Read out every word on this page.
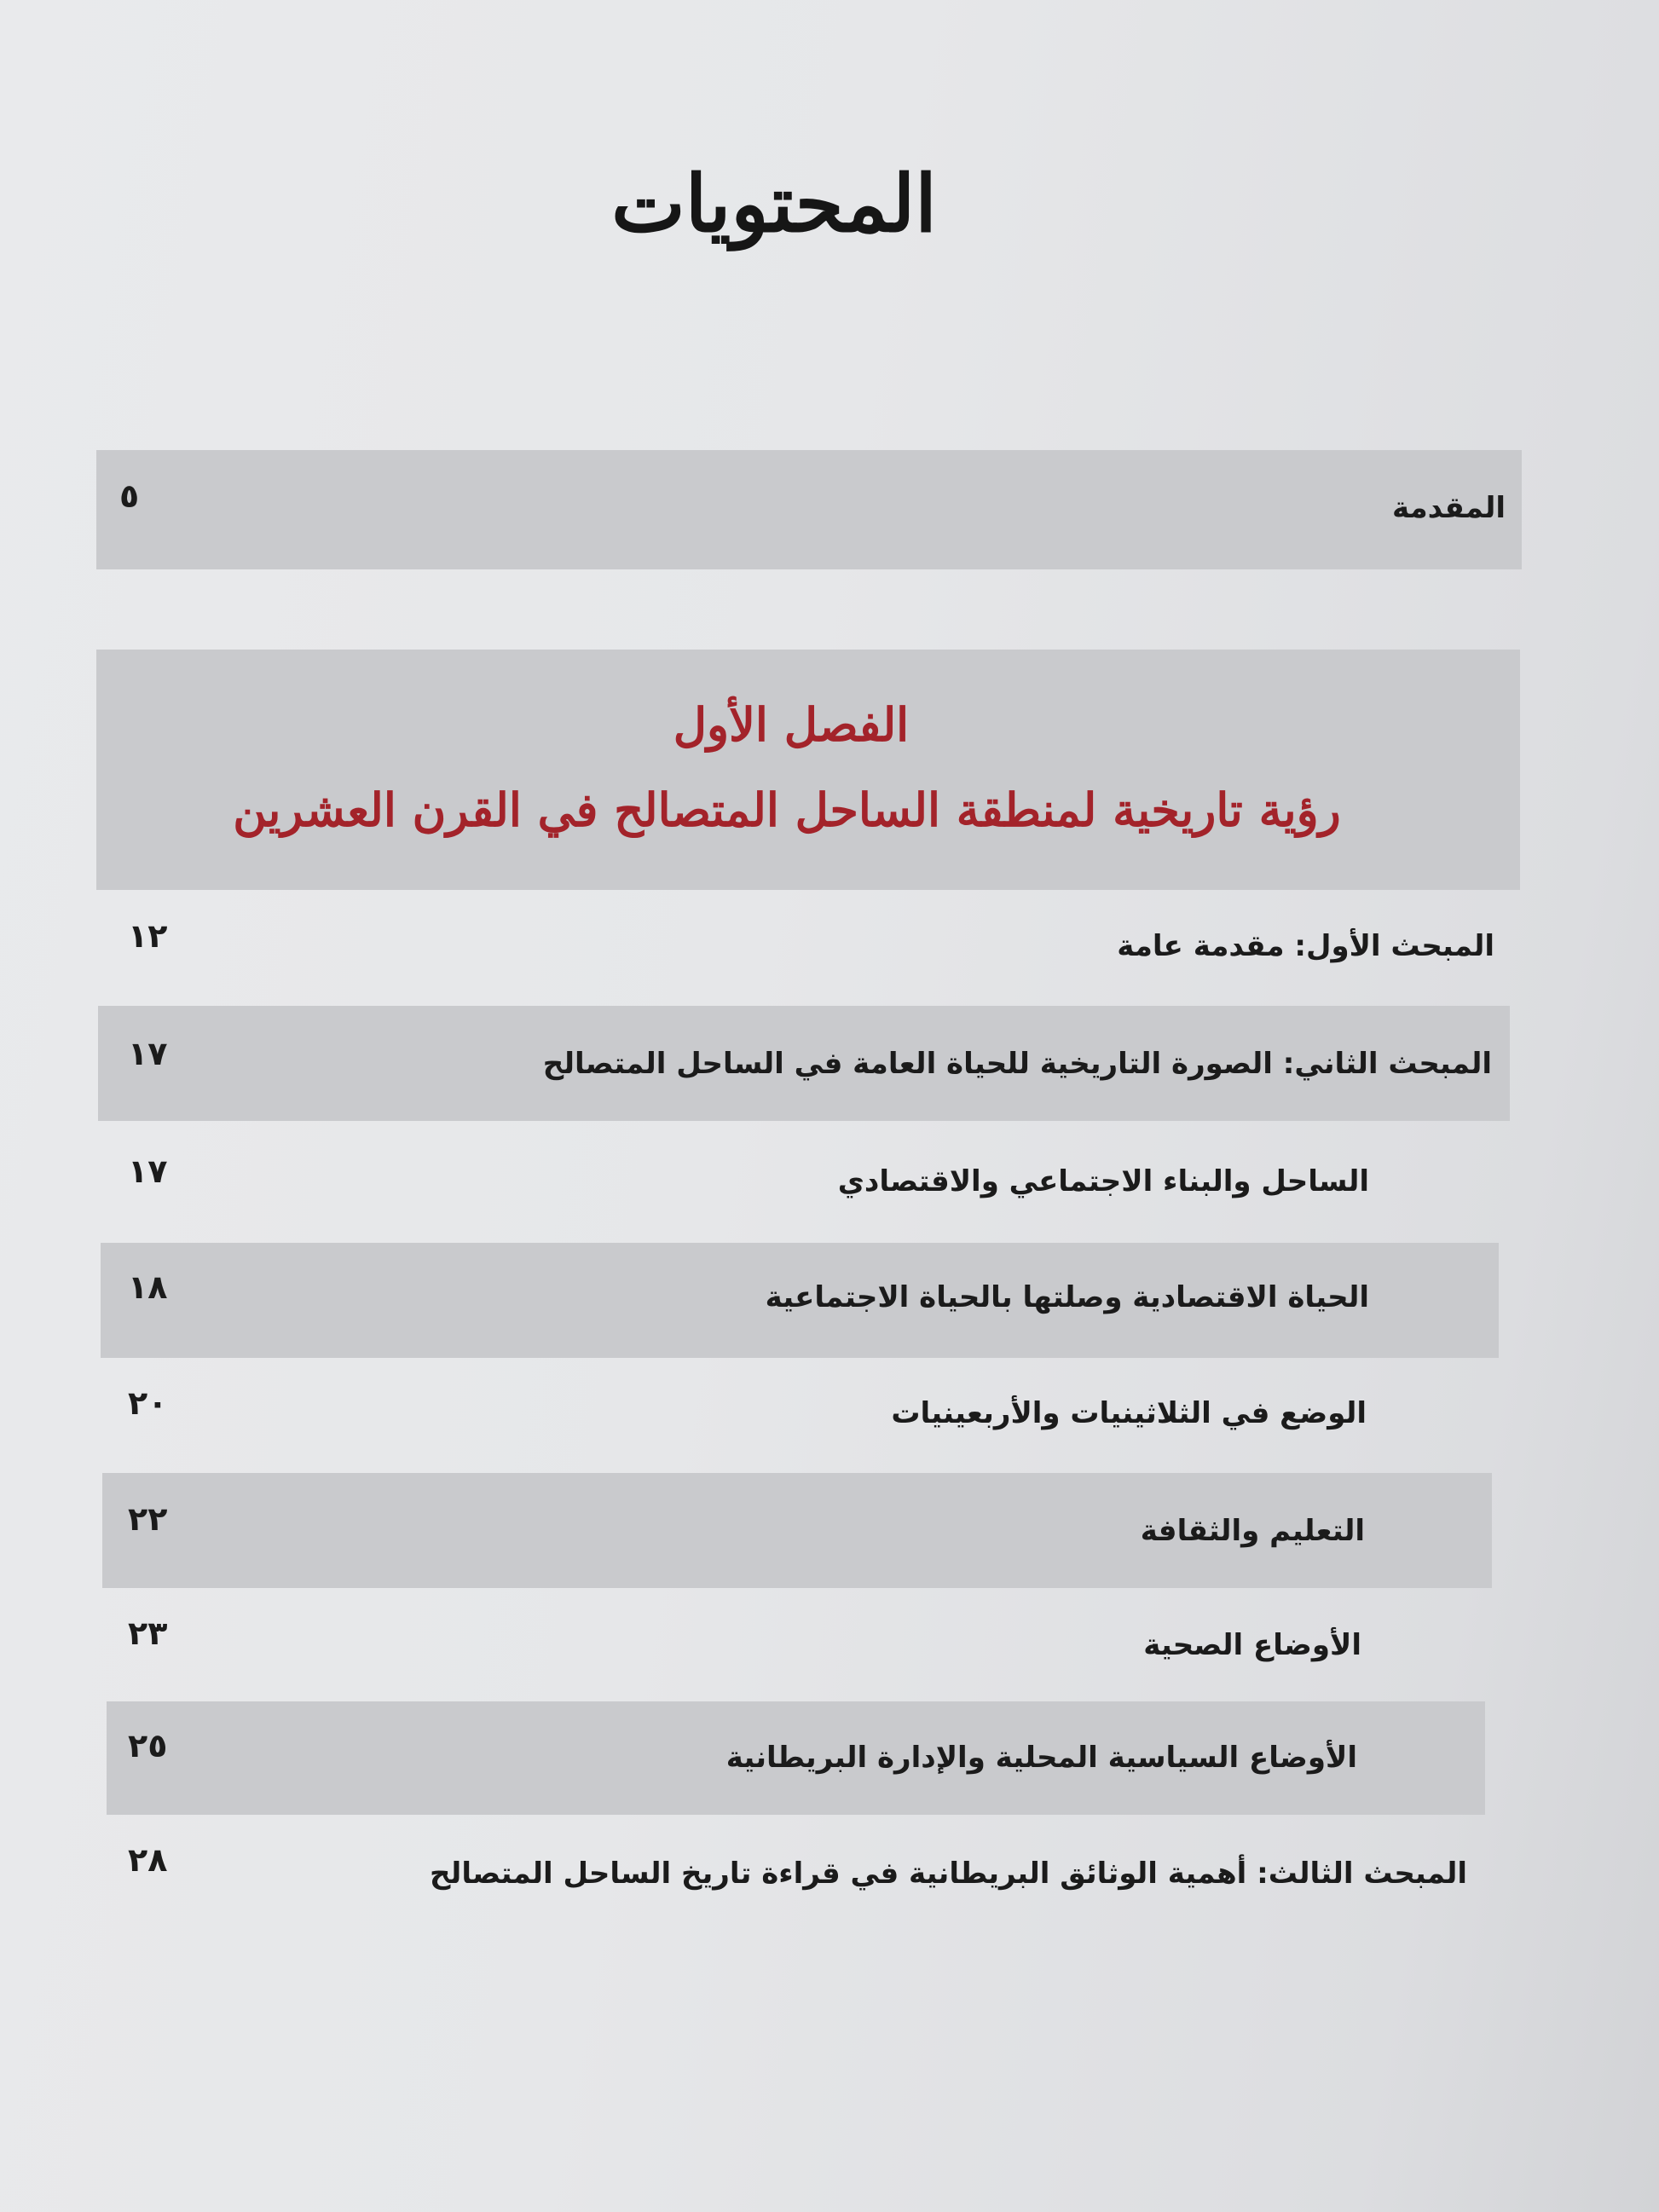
المحتويات
المقدمة
٥
الفصل الأول
رؤية تاريخية لمنطقة الساحل المتصالح في القرن العشرين
المبحث الأول: مقدمة عامة
١٢
المبحث الثاني: الصورة التاريخية للحياة العامة في الساحل المتصالح
١٧
الساحل والبناء الاجتماعي والاقتصادي
١٧
الحياة الاقتصادية وصلتها بالحياة الاجتماعية
١٨
الوضع في الثلاثينيات والأربعينيات
٢٠
التعليم والثقافة
٢٢
الأوضاع الصحية
٢٣
الأوضاع السياسية المحلية والإدارة البريطانية
٢٥
المبحث الثالث: أهمية الوثائق البريطانية في قراءة تاريخ الساحل المتصالح
٢٨
